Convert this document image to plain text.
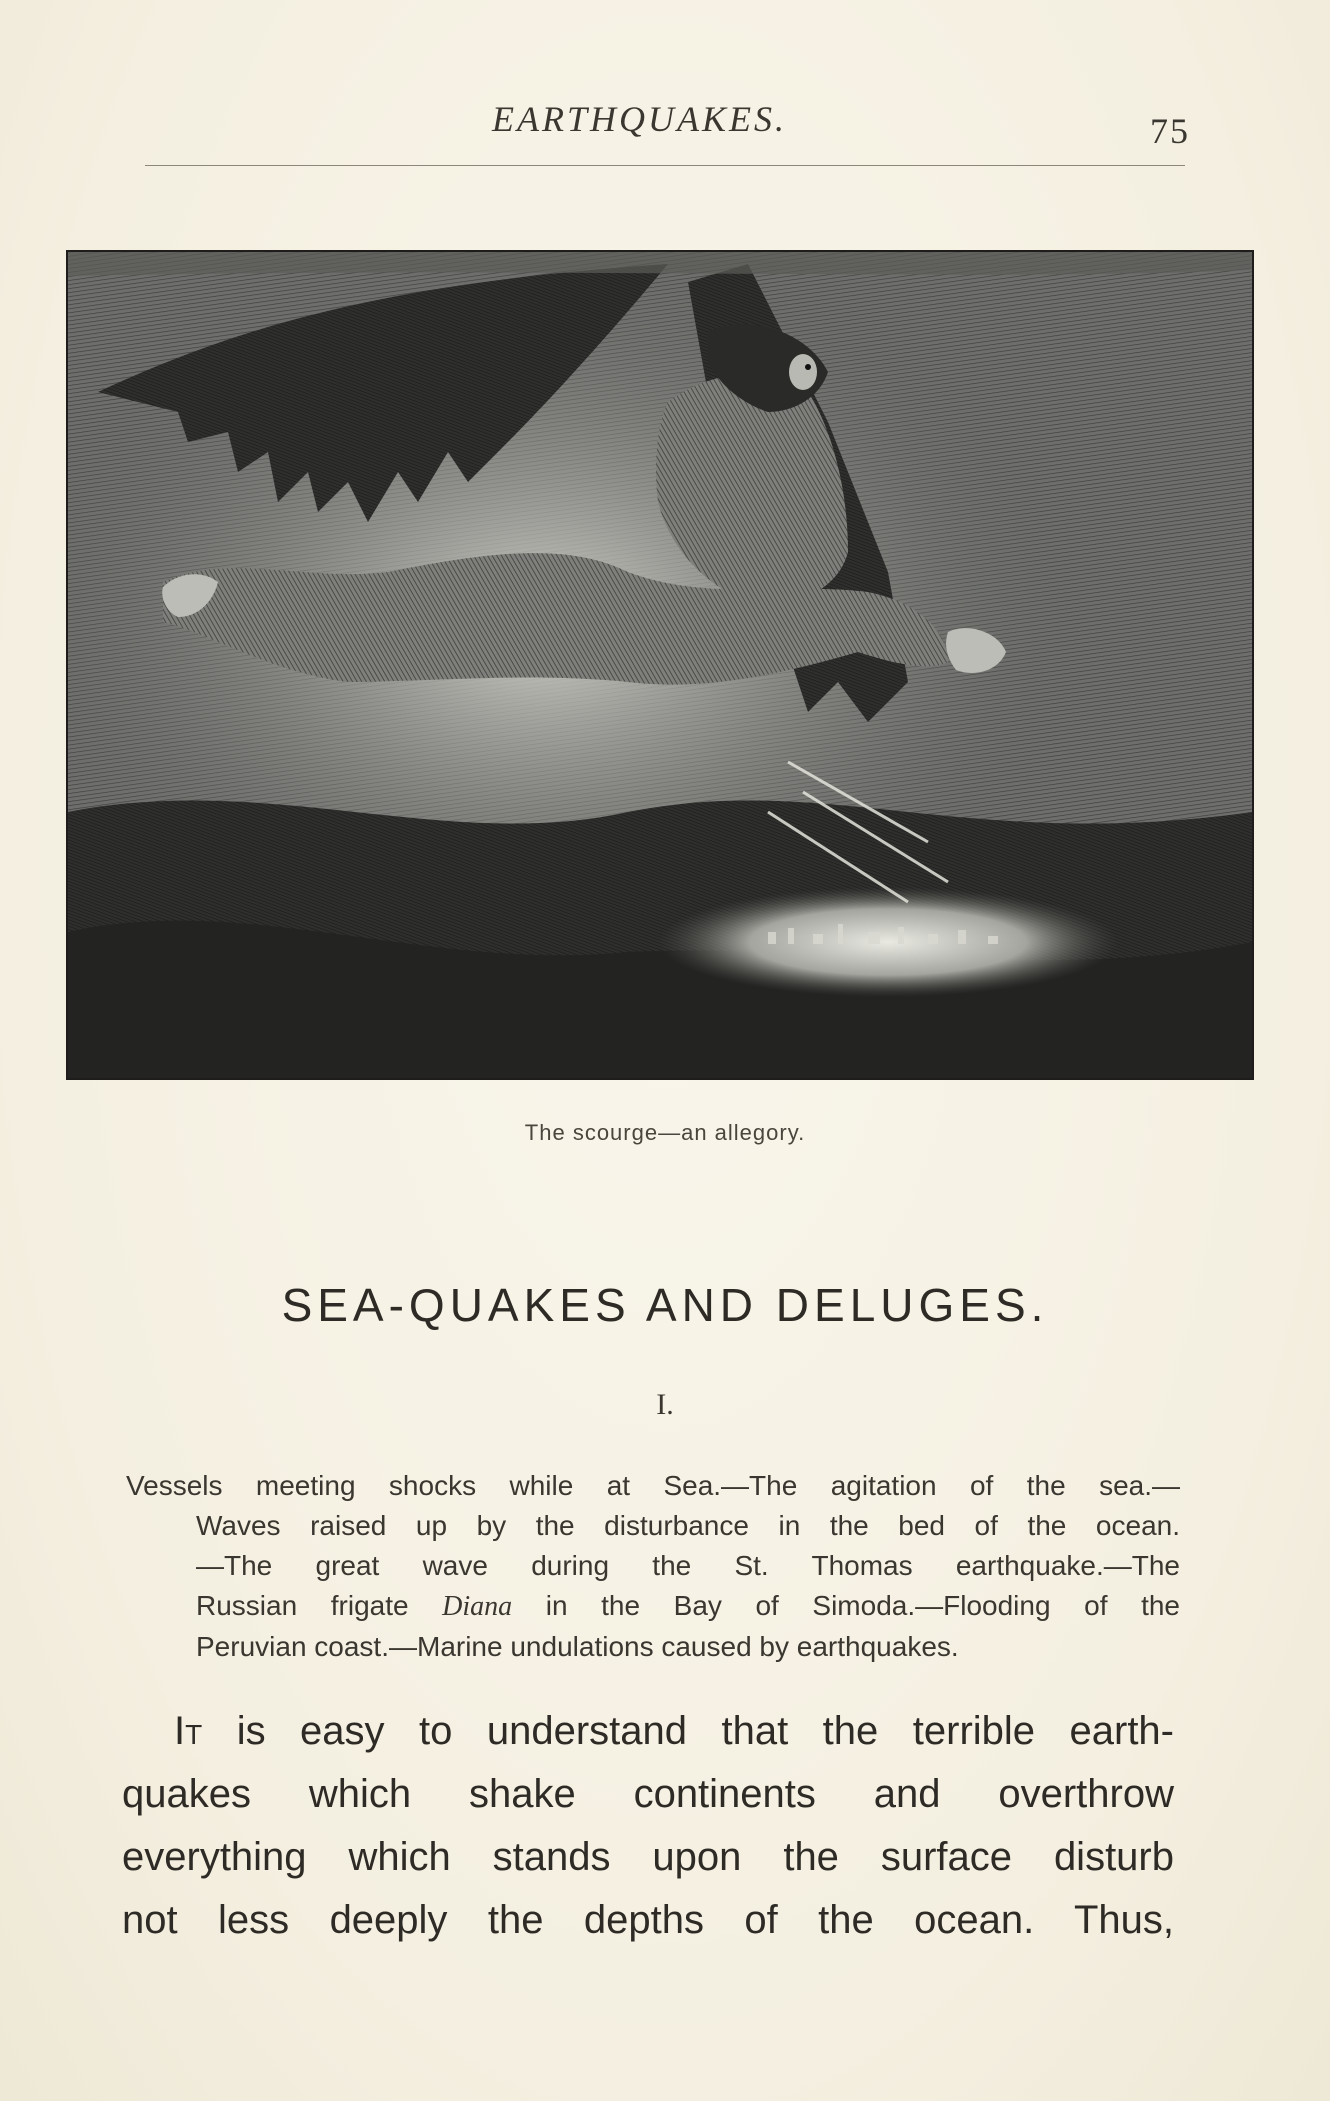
EARTHQUAKES.	75
The scourge—an allegory.
SEA-QUAKES AND DELUGES.
I.
Vessels meeting shocks while at Sea.—The agitation of the sea.—
Waves raised up by the disturbance in the bed of the ocean.
—The great wave during the St. Thomas earthquake.—The
Russian frigate Diana in the Bay of Simoda.—Flooding of the
Peruvian coast.—Marine undulations caused by earthquakes.
It is easy to understand that the terrible earth-
quakes which shake continents and overthrow
everything which stands upon the surface disturb
not less deeply the depths of the ocean. Thus,
